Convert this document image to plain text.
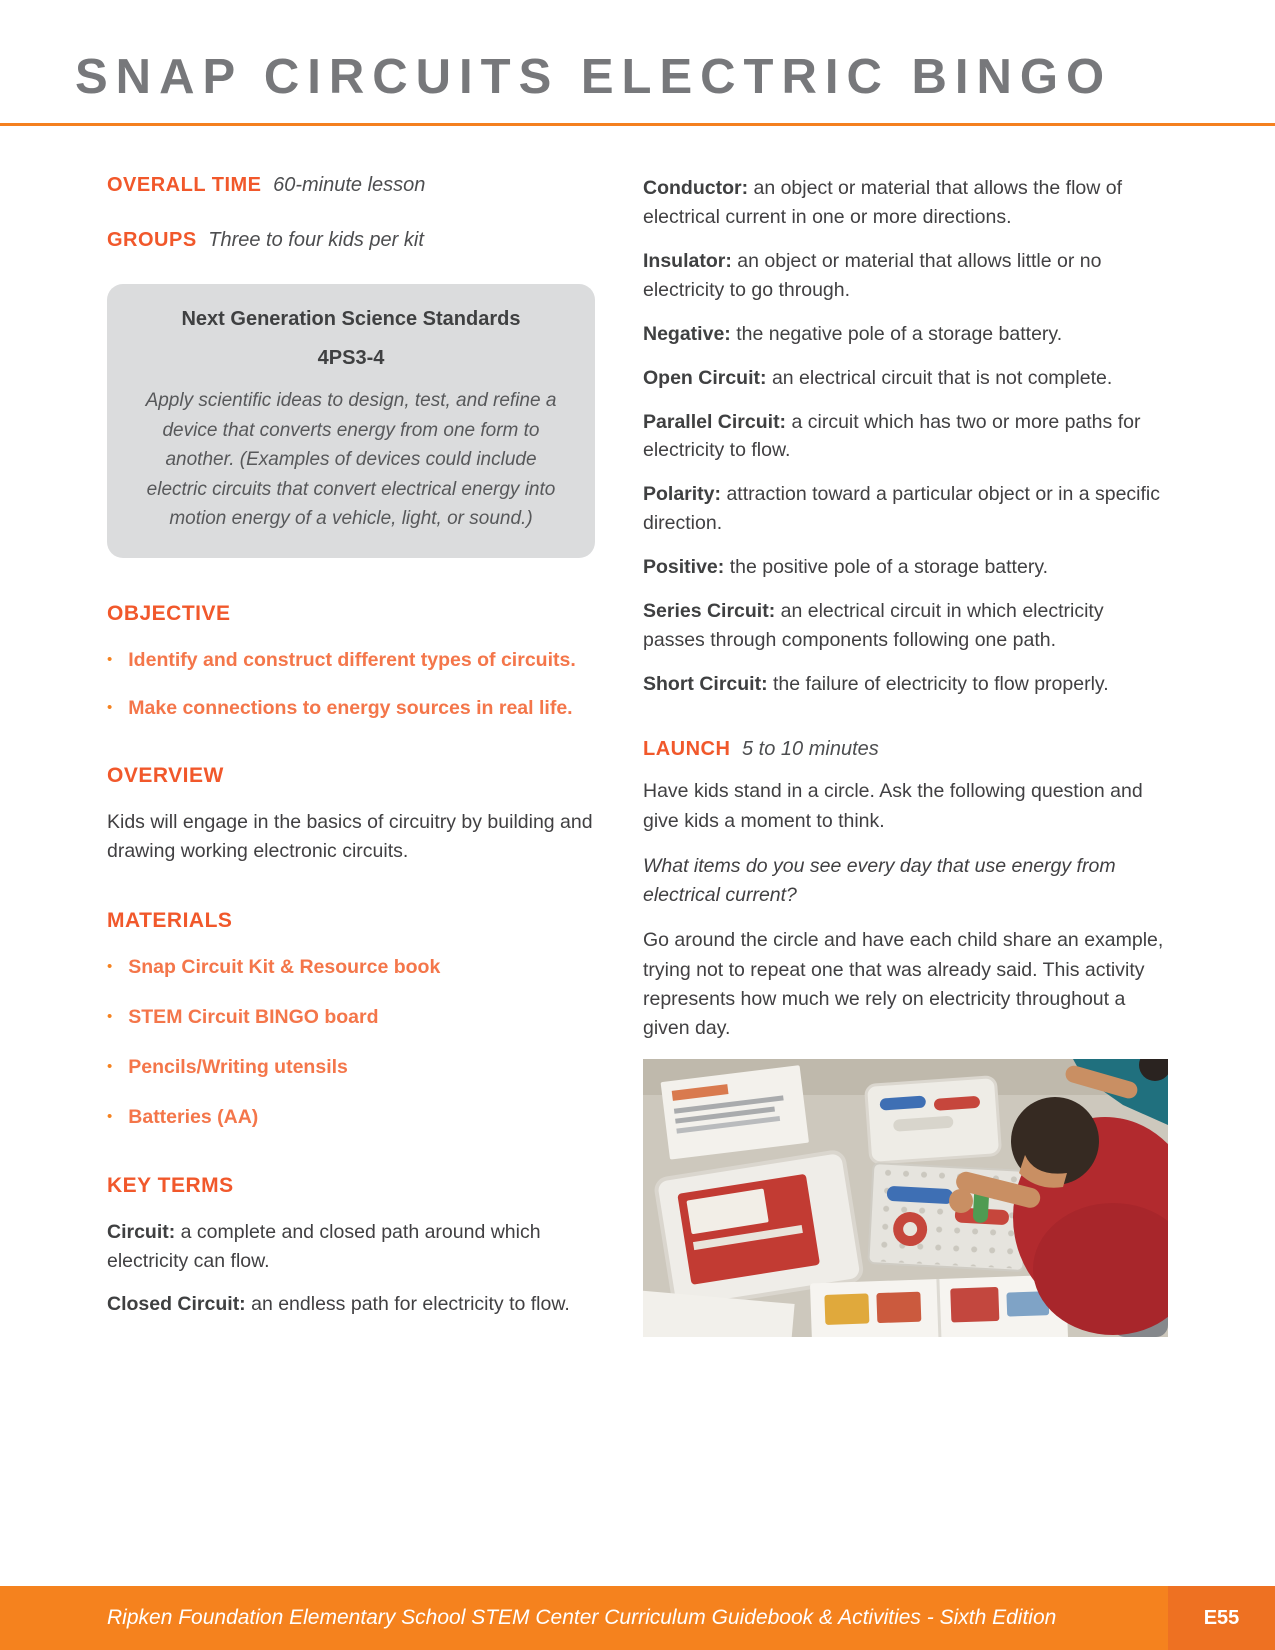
SNAP CIRCUITS ELECTRIC BINGO

OVERALL TIME 60-minute lesson

GROUPS Three to four kids per kit

Next Generation Science Standards

4PS3-4

Apply scientific ideas to design, test, and refine a device that converts energy from one form to another. (Examples of devices could include electric circuits that convert electrical energy into motion energy of a vehicle, light, or sound.)

OBJECTIVE
• Identify and construct different types of circuits.
• Make connections to energy sources in real life.
OVERVIEW

Kids will engage in the basics of circuitry by building and drawing working electronic circuits.

MATERIALS
• Snap Circuit Kit & Resource book
• STEM Circuit BINGO board
• Pencils/Writing utensils
• Batteries (AA)
KEY TERMS

Circuit: a complete and closed path around which electricity can flow.

Closed Circuit: an endless path for electricity to flow.

Conductor: an object or material that allows the flow of electrical current in one or more directions.

Insulator: an object or material that allows little or no electricity to go through.

Negative: the negative pole of a storage battery.

Open Circuit: an electrical circuit that is not complete.

Parallel Circuit: a circuit which has two or more paths for electricity to flow.

Polarity: attraction toward a particular object or in a specific direction.

Positive: the positive pole of a storage battery.

Series Circuit: an electrical circuit in which electricity passes through components following one path.

Short Circuit: the failure of electricity to flow properly.

LAUNCH 5 to 10 minutes

Have kids stand in a circle. Ask the following question and give kids a moment to think.

What items do you see every day that use energy from electrical current?

Go around the circle and have each child share an example, trying not to repeat one that was already said. This activity represents how much we rely on electricity throughout a given day.

Ripken Foundation Elementary School STEM Center Curriculum Guidebook & Activities - Sixth Edition	E55
